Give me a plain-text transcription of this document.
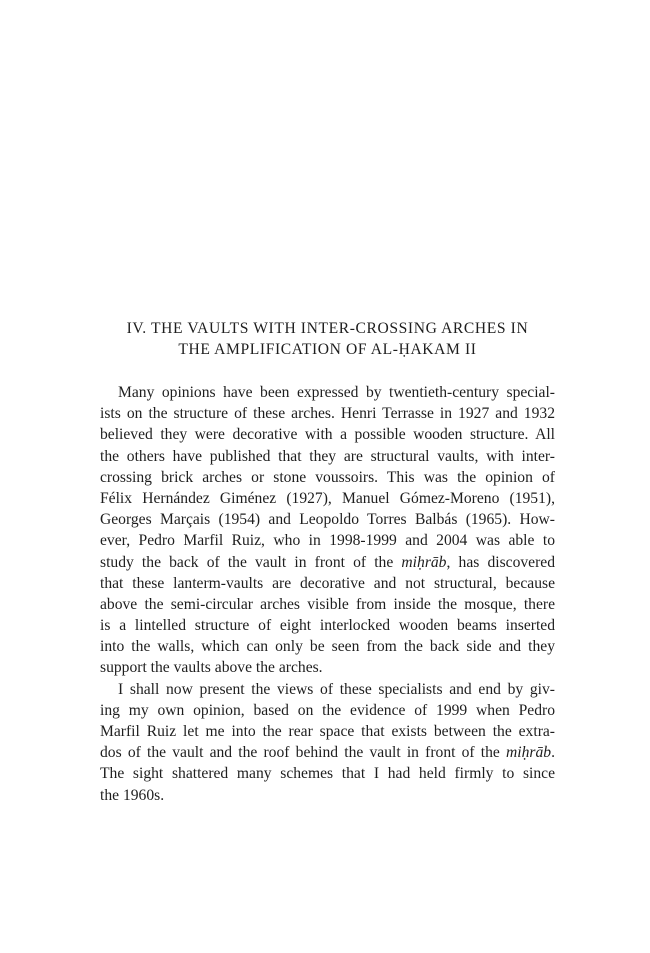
IV. THE VAULTS WITH INTER-CROSSING ARCHES IN
THE AMPLIFICATION OF AL-ḤAKAM II
Many opinions have been expressed by twentieth-century special-
ists on the structure of these arches. Henri Terrasse in 1927 and 1932
believed they were decorative with a possible wooden structure. All
the others have published that they are structural vaults, with inter-
crossing brick arches or stone voussoirs. This was the opinion of
Félix Hernández Giménez (1927), Manuel Gómez-Moreno (1951),
Georges Marçais (1954) and Leopoldo Torres Balbás (1965). How-
ever, Pedro Marfil Ruiz, who in 1998-1999 and 2004 was able to
study the back of the vault in front of the miḥrāb, has discovered
that these lanterm-vaults are decorative and not structural, because
above the semi-circular arches visible from inside the mosque, there
is a lintelled structure of eight interlocked wooden beams inserted
into the walls, which can only be seen from the back side and they
support the vaults above the arches.
I shall now present the views of these specialists and end by giv-
ing my own opinion, based on the evidence of 1999 when Pedro
Marfil Ruiz let me into the rear space that exists between the extra-
dos of the vault and the roof behind the vault in front of the miḥrāb.
The sight shattered many schemes that I had held firmly to since
the 1960s.
